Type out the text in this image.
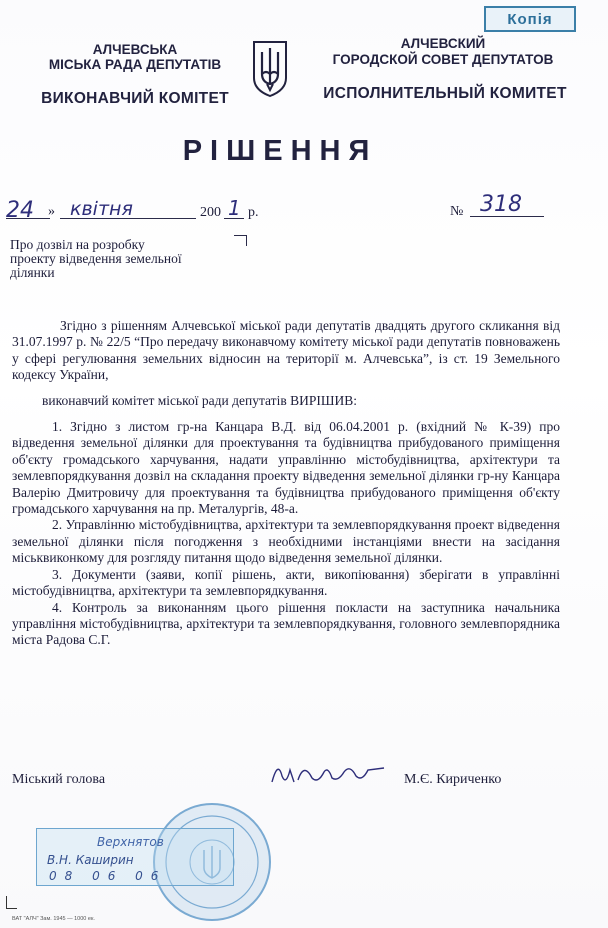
Копія
АЛЧЕВСЬКА
МІСЬКА РАДА ДЕПУТАТІВ
ВИКОНАВЧИЙ КОМІТЕТ
АЛЧЕВСКИЙ
ГОРОДСКОЙ СОВЕТ ДЕПУТАТОВ
ИСПОЛНИТЕЛЬНЫЙ КОМИТЕТ
РІШЕННЯ
24 » квітня	200 1 р.	№ 318
Про дозвіл на розробку проекту відведення земельної ділянки

Згідно з рішенням Алчевської міської ради депутатів двадцять другого скликання від 31.07.1997 р. № 22/5 “Про передачу виконавчому комітету міської ради депутатів повноважень у сфері регулювання земельних відносин на території м. Алчевська”, із ст. 19 Земельного кодексу України,

виконавчий комітет міської ради депутатів ВИРІШИВ:

1. Згідно з листом гр-на Канцара В.Д. від 06.04.2001 р. (вхідний № К-39) про відведення земельної ділянки для проектування та будівництва прибудованого приміщення об'єкту громадського харчування, надати управлінню містобудівництва, архітектури та землевпорядкування дозвіл на складання проекту відведення земельної ділянки гр-ну Канцара Валерію Дмитровичу для проектування та будівництва прибудованого приміщення об'єкту громадського харчування на пр. Металургів, 48-а.

2. Управлінню містобудівництва, архітектури та землевпорядкування проект відведення земельної ділянки після погодження з необхідними інстанціями внести на засідання міськвиконкому для розгляду питання щодо відведення земельної ділянки.

3. Документи (заяви, копії рішень, акти, викопіювання) зберігати в управлінні містобудівництва, архітектури та землевпорядкування.

4. Контроль за виконанням цього рішення покласти на заступника начальника управління містобудівництва, архітектури та землевпорядкування, головного землевпорядника міста Радова С.Г.

Міський голова	М.Є. Кириченко
Верхнятов
В.Н. Каширин
08 06 06
ВАТ "АЛЧ" Зам. 1945 — 1000 ек.
